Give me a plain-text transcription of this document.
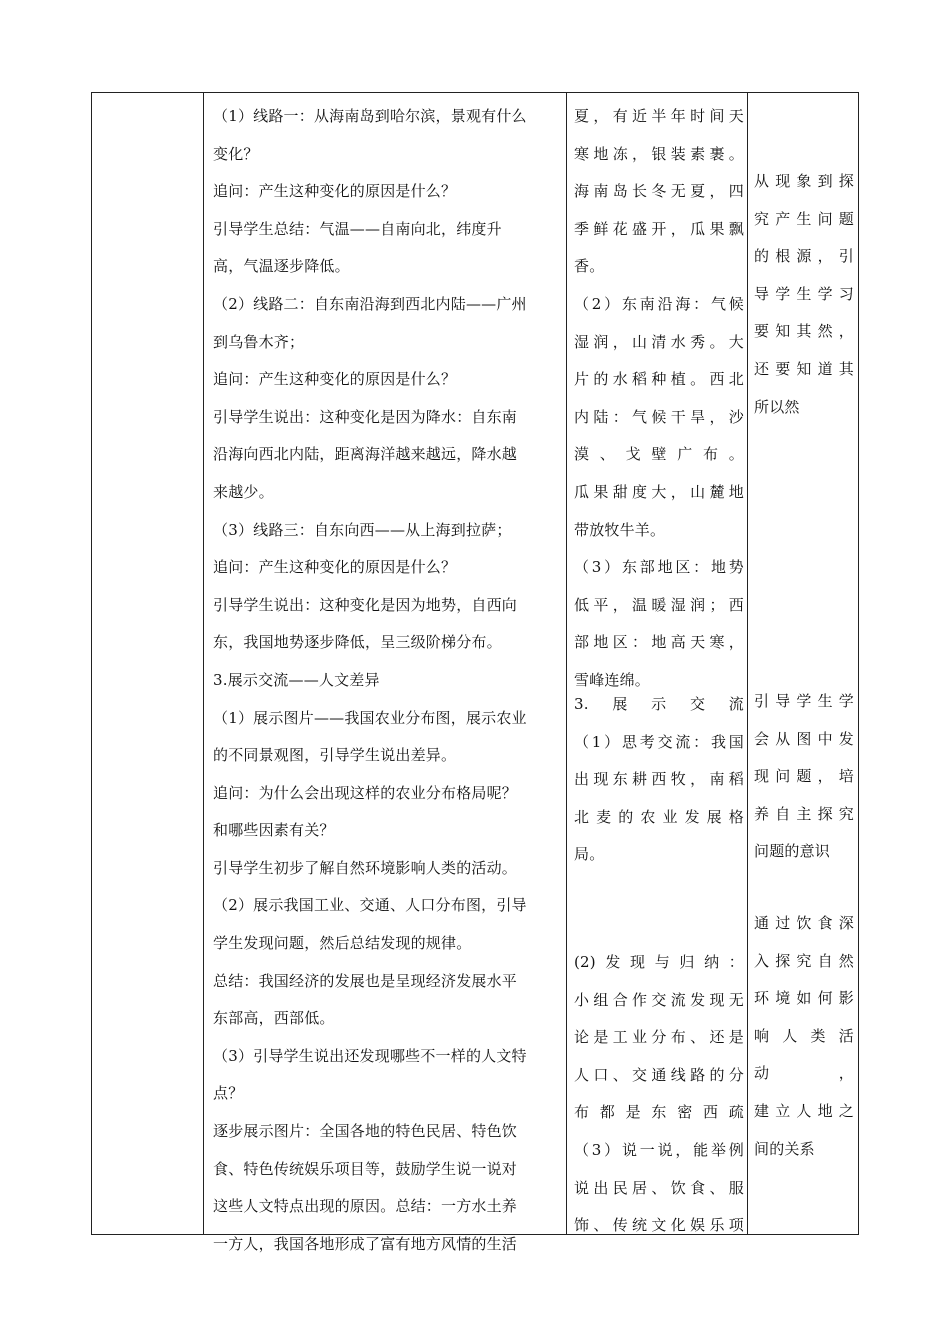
（1）线路一：从海南岛到哈尔滨，景观有什么

变化？

追问：产生这种变化的原因是什么？

引导学生总结：气温——自南向北，纬度升

高，气温逐步降低。

（2）线路二：自东南沿海到西北内陆——广州

到乌鲁木齐；

追问：产生这种变化的原因是什么？

引导学生说出：这种变化是因为降水：自东南

沿海向西北内陆，距离海洋越来越远，降水越

来越少。

（3）线路三：自东向西——从上海到拉萨；

追问：产生这种变化的原因是什么？

引导学生说出：这种变化是因为地势，自西向

东，我国地势逐步降低，呈三级阶梯分布。

3.展示交流——人文差异

（1）展示图片——我国农业分布图，展示农业

的不同景观图，引导学生说出差异。

追问：为什么会出现这样的农业分布格局呢？

和哪些因素有关？

引导学生初步了解自然环境影响人类的活动。

（2）展示我国工业、交通、人口分布图，引导

学生发现问题，然后总结发现的规律。

总结：我国经济的发展也是呈现经济发展水平

东部高，西部低。

（3）引导学生说出还发现哪些不一样的人文特

点？

逐步展示图片：全国各地的特色民居、特色饮

食、特色传统娱乐项目等，鼓励学生说一说对

这些人文特点出现的原因。总结：一方水土养

一方人，我国各地形成了富有地方风情的生活

夏，有近半年时间天

寒地冻，银装素裹。

海南岛长冬无夏，四

季鲜花盛开，瓜果飘

香。

（2）东南沿海：气候

湿润，山清水秀。大

片的水稻种植。西北

内陆：气候干旱，沙

漠、戈壁广布。

瓜果甜度大，山麓地

带放牧牛羊。

（3）东部地区：地势

低平，温暖湿润；西

部地区：地高天寒，

雪峰连绵。

3.展示交流

（1）思考交流：我国

出现东耕西牧，南稻

北麦的农业发展格

局。

(2)发现与归纳：

小组合作交流发现无

论是工业分布、还是

人口、交通线路的分

布都是东密西疏

（3）说一说，能举例

说出民居、饮食、服

饰、传统文化娱乐项

从现象到探

究产生问题

的根源，引

导学生学习

要知其然，

还要知道其

所以然

引导学生学

会从图中发

现问题，培

养自主探究

问题的意识

通过饮食深

入探究自然

环境如何影

响人类活

动，

建立人地之

间的关系
